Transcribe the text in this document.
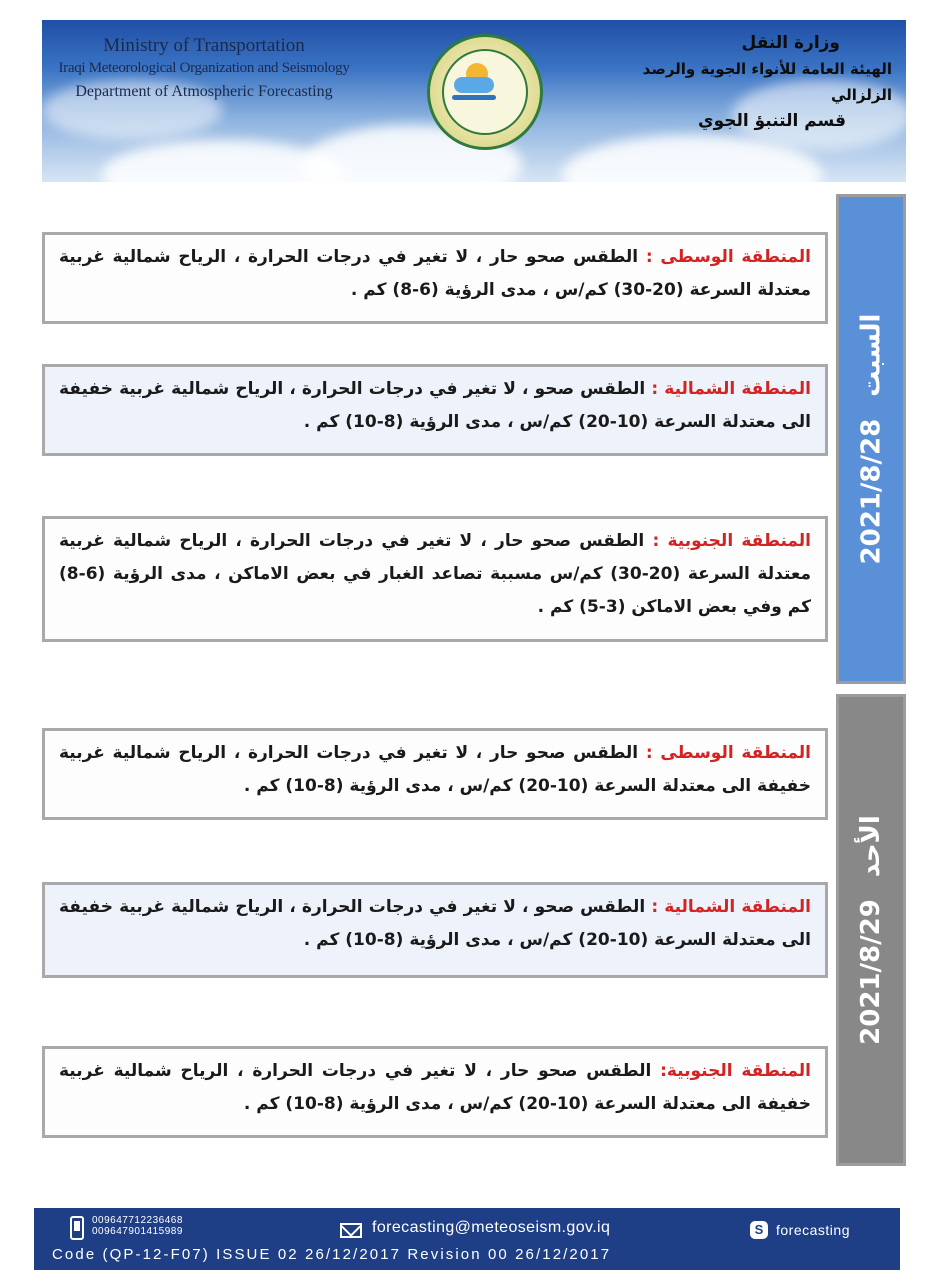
Ministry of Transportation
Iraqi Meteorological Organization and Seismology
Department of Atmospheric Forecasting
وزارة النقل
الهيئة العامة للأنواء الجوية والرصد الزلزالي
قسم التنبؤ الجوي
المنطقة الوسطى : الطقس صحو حار ، لا تغير في درجات الحرارة ، الرياح شمالية غربية معتدلة السرعة (20-30) كم/س ، مدى الرؤية (6-8) كم .
المنطقة الشمالية : الطقس صحو ، لا تغير في درجات الحرارة ، الرياح شمالية غربية خفيفة الى معتدلة السرعة (10-20) كم/س ، مدى الرؤية (8-10) كم .
المنطقة الجنوبية : الطقس صحو حار ، لا تغير في درجات الحرارة ، الرياح شمالية غربية معتدلة السرعة (20-30) كم/س مسببة تصاعد الغبار في بعض الاماكن ، مدى الرؤية (6-8) كم وفي بعض الاماكن (3-5) كم .
2021/8/28
السبت
المنطقة الوسطى : الطقس صحو حار ، لا تغير في درجات الحرارة ، الرياح شمالية غربية خفيفة الى معتدلة السرعة (10-20) كم/س ، مدى الرؤية (8-10) كم .
المنطقة الشمالية : الطقس صحو ، لا تغير في درجات الحرارة ، الرياح شمالية غربية خفيفة الى معتدلة السرعة (10-20) كم/س ، مدى الرؤية (8-10) كم .
المنطقة الجنوبية: الطقس صحو حار ، لا تغير في درجات الحرارة ، الرياح شمالية غربية خفيفة الى معتدلة السرعة (10-20) كم/س ، مدى الرؤية (8-10) كم .
2021/8/29
الأحد
009647712236468
009647901415989	forecasting@meteoseism.gov.iq	S forecasting
Code (QP-12-F07) ISSUE 02 26/12/2017 Revision 00 26/12/2017
